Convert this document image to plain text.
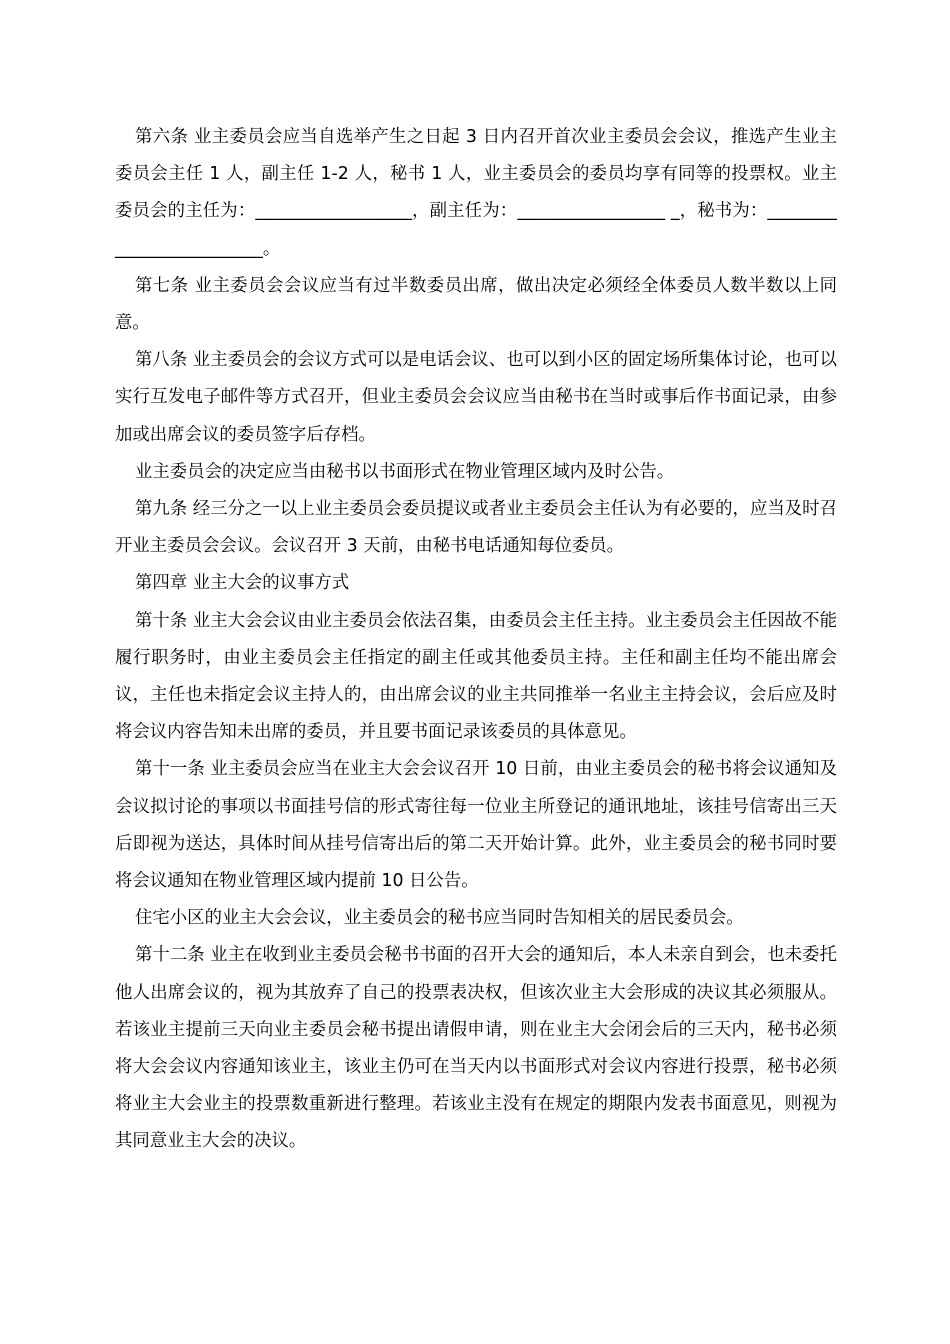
第六条 业主委员会应当自选举产生之日起 3 日内召开首次业主委员会会议，推选产生业主委员会主任 1 人，副主任 1-2 人，秘书 1 人，业主委员会的委员均享有同等的投票权。业主委员会的主任为：__________________，副主任为：_________________ _，秘书为：_________________________。

第七条 业主委员会会议应当有过半数委员出席，做出决定必须经全体委员人数半数以上同意。

第八条 业主委员会的会议方式可以是电话会议、也可以到小区的固定场所集体讨论，也可以实行互发电子邮件等方式召开，但业主委员会会议应当由秘书在当时或事后作书面记录，由参加或出席会议的委员签字后存档。

业主委员会的决定应当由秘书以书面形式在物业管理区域内及时公告。

第九条 经三分之一以上业主委员会委员提议或者业主委员会主任认为有必要的，应当及时召开业主委员会会议。会议召开 3 天前，由秘书电话通知每位委员。

第四章 业主大会的议事方式

第十条 业主大会会议由业主委员会依法召集，由委员会主任主持。业主委员会主任因故不能履行职务时，由业主委员会主任指定的副主任或其他委员主持。主任和副主任均不能出席会议，主任也未指定会议主持人的，由出席会议的业主共同推举一名业主主持会议，会后应及时将会议内容告知未出席的委员，并且要书面记录该委员的具体意见。

第十一条 业主委员会应当在业主大会会议召开 10 日前，由业主委员会的秘书将会议通知及会议拟讨论的事项以书面挂号信的形式寄往每一位业主所登记的通讯地址，该挂号信寄出三天后即视为送达，具体时间从挂号信寄出后的第二天开始计算。此外，业主委员会的秘书同时要将会议通知在物业管理区域内提前 10 日公告。

住宅小区的业主大会会议，业主委员会的秘书应当同时告知相关的居民委员会。

第十二条 业主在收到业主委员会秘书书面的召开大会的通知后，本人未亲自到会，也未委托他人出席会议的，视为其放弃了自己的投票表决权，但该次业主大会形成的决议其必须服从。若该业主提前三天向业主委员会秘书提出请假申请，则在业主大会闭会后的三天内，秘书必须将大会会议内容通知该业主，该业主仍可在当天内以书面形式对会议内容进行投票，秘书必须将业主大会业主的投票数重新进行整理。若该业主没有在规定的期限内发表书面意见，则视为其同意业主大会的决议。
